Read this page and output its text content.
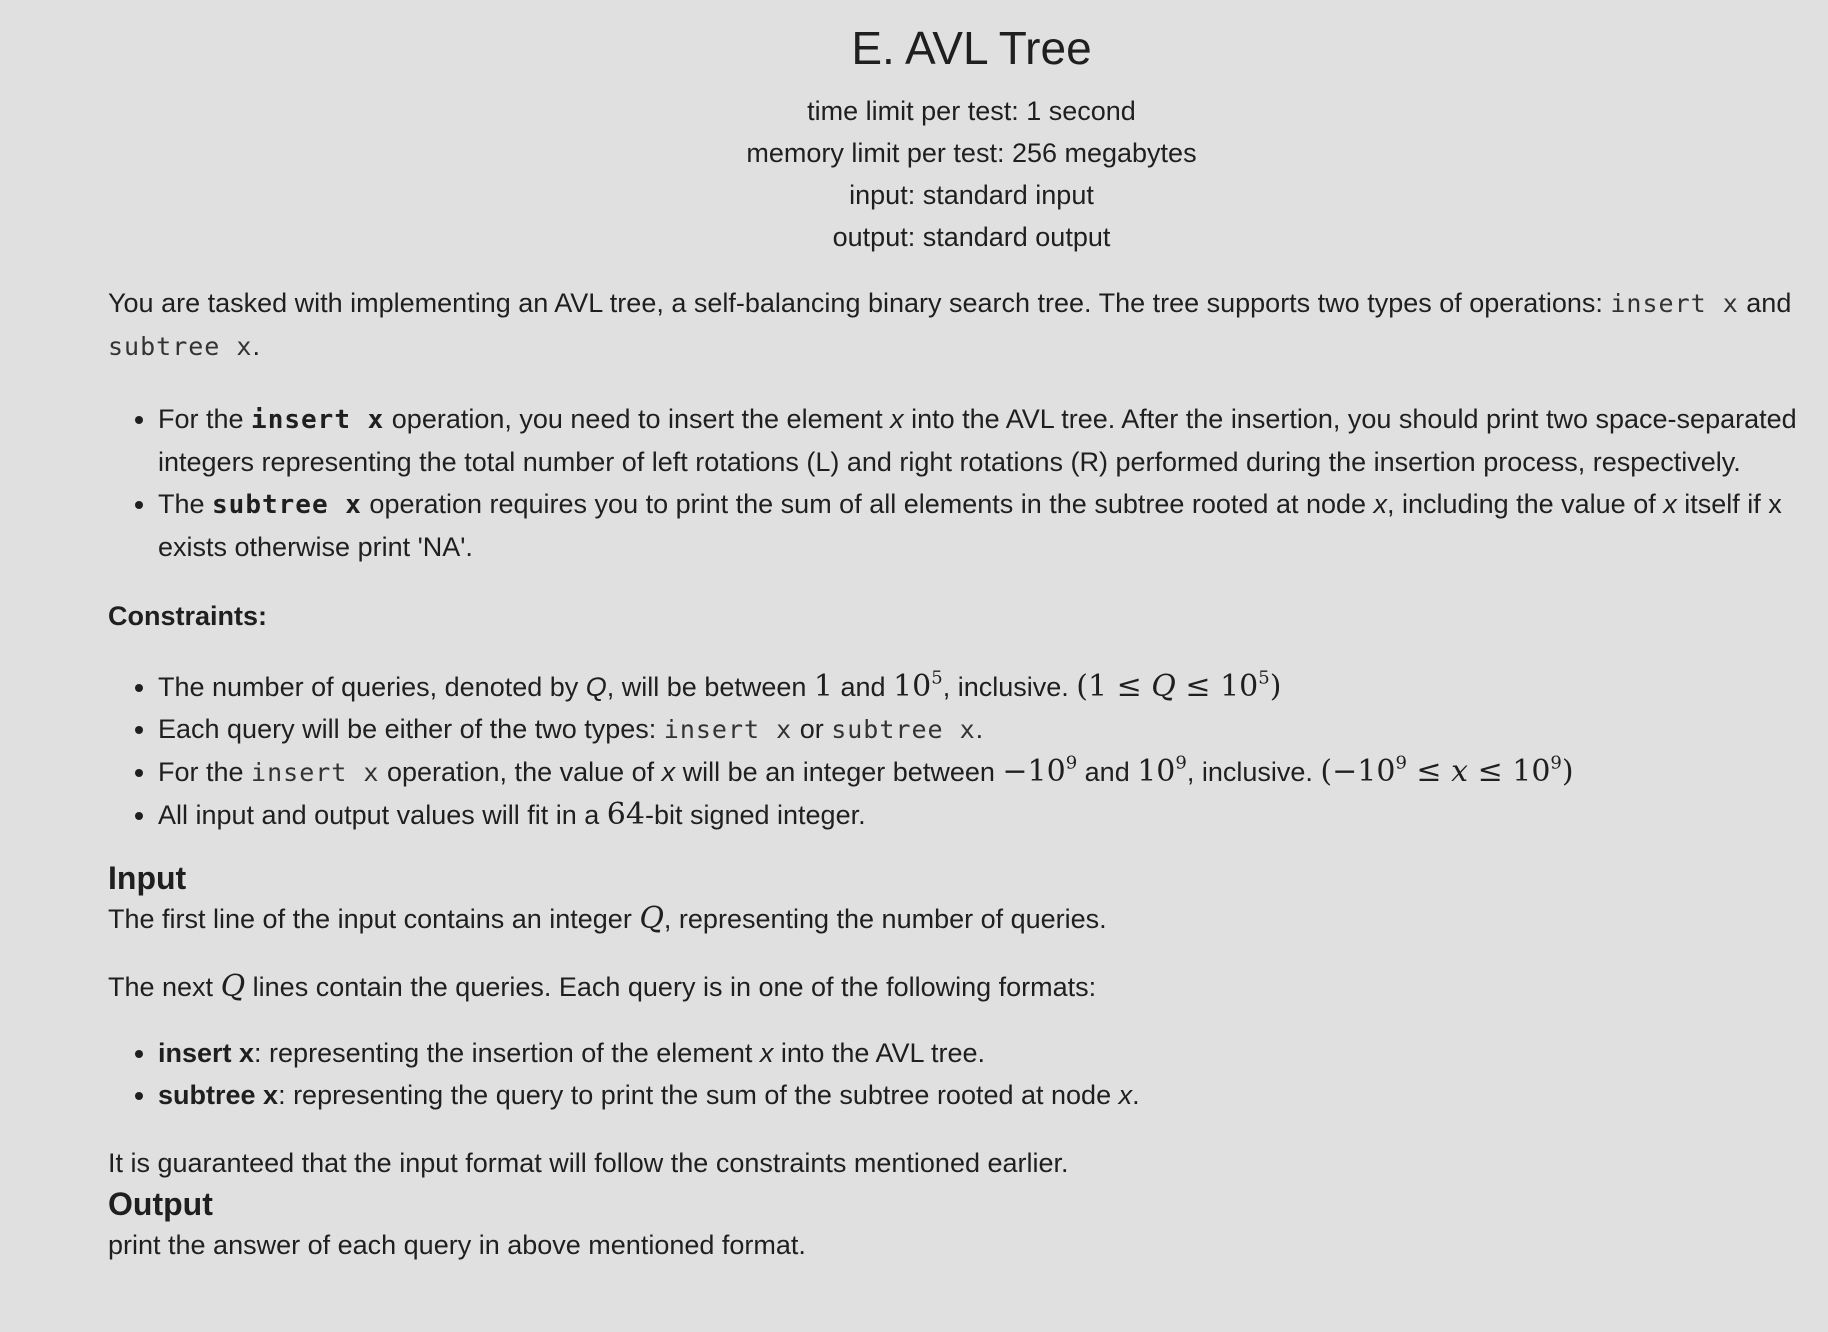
E. AVL Tree
time limit per test: 1 second
memory limit per test: 256 megabytes
input: standard input
output: standard output

You are tasked with implementing an AVL tree, a self-balancing binary search tree. The tree supports two types of operations: insert x and subtree x.

• For the insert x operation, you need to insert the element x into the AVL tree. After the insertion, you should print two space-separated integers representing the total number of left rotations (L) and right rotations (R) performed during the insertion process, respectively.
• The subtree x operation requires you to print the sum of all elements in the subtree rooted at node x, including the value of x itself if x exists otherwise print 'NA'.
Constraints:
• The number of queries, denoted by Q, will be between 1 and $10^5$, inclusive. $(1 \le Q \le 10^5)$
• Each query will be either of the two types: insert x or subtree x.
• For the insert x operation, the value of x will be an integer between $-10^9$ and $10^9$, inclusive. $(-10^9 \le x \le 10^9)$
• All input and output values will fit in a 64-bit signed integer.
Input

The first line of the input contains an integer Q, representing the number of queries.

The next Q lines contain the queries. Each query is in one of the following formats:

• insert x: representing the insertion of the element x into the AVL tree.
• subtree x: representing the query to print the sum of the subtree rooted at node x.

It is guaranteed that the input format will follow the constraints mentioned earlier.

Output

print the answer of each query in above mentioned format.
